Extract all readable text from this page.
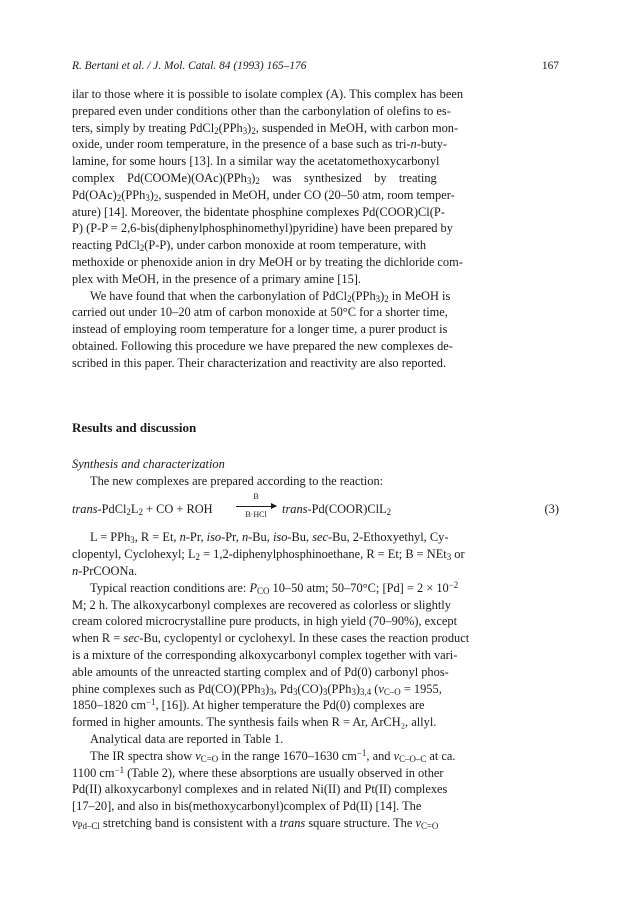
R. Bertani et al. / J. Mol. Catal. 84 (1993) 165–176	167

ilar to those where it is possible to isolate complex (A). This complex has been
prepared even under conditions other than the carbonylation of olefins to es-
ters, simply by treating $PdCl_2(PPh_3)_2$, suspended in MeOH, with carbon mon-
oxide, under room temperature, in the presence of a base such as tri-n-buty-
lamine, for some hours [13]. In a similar way the acetatomethoxycarbonyl
complex    $Pd(COOMe)(OAc)(PPh_3)_2$    was    synthesized    by    treating
$Pd(OAc)_2(PPh_3)_2$, suspended in MeOH, under CO (20–50 atm, room temper-
ature) [14]. Moreover, the bidentate phosphine complexes Pd(COOR)Cl(P-
P) (P-P = 2,6-bis(diphenylphosphinomethyl)pyridine) have been prepared by
reacting PdCl$_2$(P-P), under carbon monoxide at room temperature, with
methoxide or phenoxide anion in dry MeOH or by treating the dichloride com-
plex with MeOH, in the presence of a primary amine [15].

We have found that when the carbonylation of $PdCl_2(PPh_3)_2$ in MeOH is
carried out under 10–20 atm of carbon monoxide at 50°C for a shorter time,
instead of employing room temperature for a longer time, a purer product is
obtained. Following this procedure we have prepared the new complexes de-
scribed in this paper. Their characterization and reactivity are also reported.

Results and discussion
Synthesis and characterization

The new complexes are prepared according to the reaction:

trans-$PdCl_2L_2$ + CO + ROH
B
B·HCl	trans-Pd(COOR)ClL$_2$	(3)

L = PPh$_3$, R = Et, n-Pr, iso-Pr, n-Bu, iso-Bu, sec-Bu, 2-Ethoxyethyl, Cy-
clopentyl, Cyclohexyl; $L_2$ = 1,2-diphenylphosphinoethane, R = Et; B = NEt$_3$ or
n-PrCOONa.

Typical reaction conditions are: $P_{CO}$ 10–50 atm; 50–70°C; $[Pd] = 2 \times 10^{-2}$
M; 2 h. The alkoxycarbonyl complexes are recovered as colorless or slightly
cream colored microcrystalline pure products, in high yield (70–90%), except
when R = sec-Bu, cyclopentyl or cyclohexyl. In these cases the reaction product
is a mixture of the corresponding alkoxycarbonyl complex together with vari-
able amounts of the unreacted starting complex and of Pd(0) carbonyl phos-
phine complexes such as $Pd(CO)(PPh_3)_3$, $Pd_3(CO)_3(PPh_3)_{3,4}$ ($\nu_{C-O} = 1955$,
1850–1820 $cm^{-1}$, [16]). At higher temperature the Pd(0) complexes are
formed in higher amounts. The synthesis fails when R = Ar, ArCH₂, allyl.

Analytical data are reported in Table 1.

The IR spectra show $\nu_{C=O}$ in the range 1670–1630 $cm^{-1}$, and $\nu_{C-O-C}$ at ca.
1100 $cm^{-1}$ (Table 2), where these absorptions are usually observed in other
Pd(II) alkoxycarbonyl complexes and in related Ni(II) and Pt(II) complexes
[17–20], and also in bis(methoxycarbonyl)complex of Pd(II) [14]. The
$\nu_{Pd-Cl}$ stretching band is consistent with a trans square structure. The $\nu_{C=O}$
